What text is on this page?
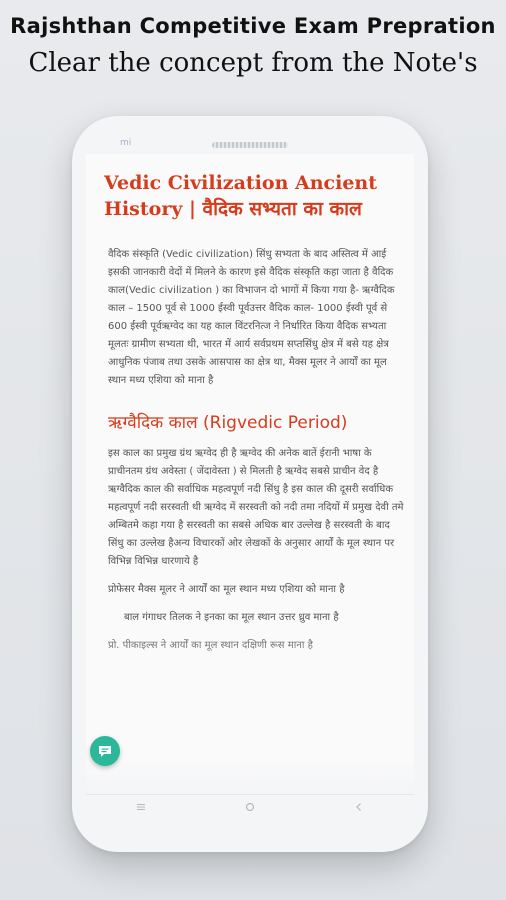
Rajshthan Competitive Exam Prepration
Clear the concept from the Note's
mi
Vedic Civilization Ancient History | वैदिक सभ्यता का काल
वैदिक संस्कृति (Vedic civilization) सिंधु सभ्यता के बाद अस्तित्व में आई इसकी जानकारी वेदों में मिलने के कारण इसे वैदिक संस्कृति कहा जाता है वैदिक काल(Vedic civilization ) का विभाजन दो भागों में किया गया है- ऋग्वैदिक काल – 1500 पूर्व से 1000 ईस्वी पूर्वउत्तर वैदिक काल- 1000 ईस्वी पूर्व से 600 ईस्वी पूर्वऋग्वेद का यह काल विंटरनित्ज ने निर्धारित किया वैदिक सभ्यता मूलतः ग्रामीण सभ्यता थी, भारत में आर्य सर्वप्रथम सप्तसिंधु क्षेत्र में बसे यह क्षेत्र आधुनिक पंजाब तथा उसके आसपास का क्षेत्र था, मैक्स मूलर ने आर्यों का मूल स्थान मध्य एशिया को माना है
ऋग्वैदिक काल (Rigvedic Period)
इस काल का प्रमुख ग्रंथ ऋग्वेद ही है ऋग्वेद की अनेक बातें ईरानी भाषा के प्राचीनतम ग्रंथ अवेस्ता ( जेंदावेस्ता ) से मिलती है ऋग्वेद सबसे प्राचीन वेद है ऋग्वैदिक काल की सर्वाधिक महत्वपूर्ण नदी सिंधु है इस काल की दूसरी सर्वाधिक महत्वपूर्ण नदी सरस्वती थी ऋग्वेद में सरस्वती को नदी तमा नदियों में प्रमुख देवी तमे अम्बितमे कहा गया है सरस्वती का सबसे अधिक बार उल्लेख है सरस्वती के बाद सिंधु का उल्लेख हैअन्य विचारकों ओर लेखकों के अनुसार आर्यों के मूल स्थान पर विभिन्न विभिन्न धारणाये है
प्रोफेसर मैक्स मूलर ने आर्यों का मूल स्थान मध्य एशिया को माना है
बाल गंगाधर तिलक ने इनका का मूल स्थान उत्तर ध्रुव माना है
प्रो. पीकाइल्स ने आर्यों का मूल स्थान दक्षिणी रूस माना है
